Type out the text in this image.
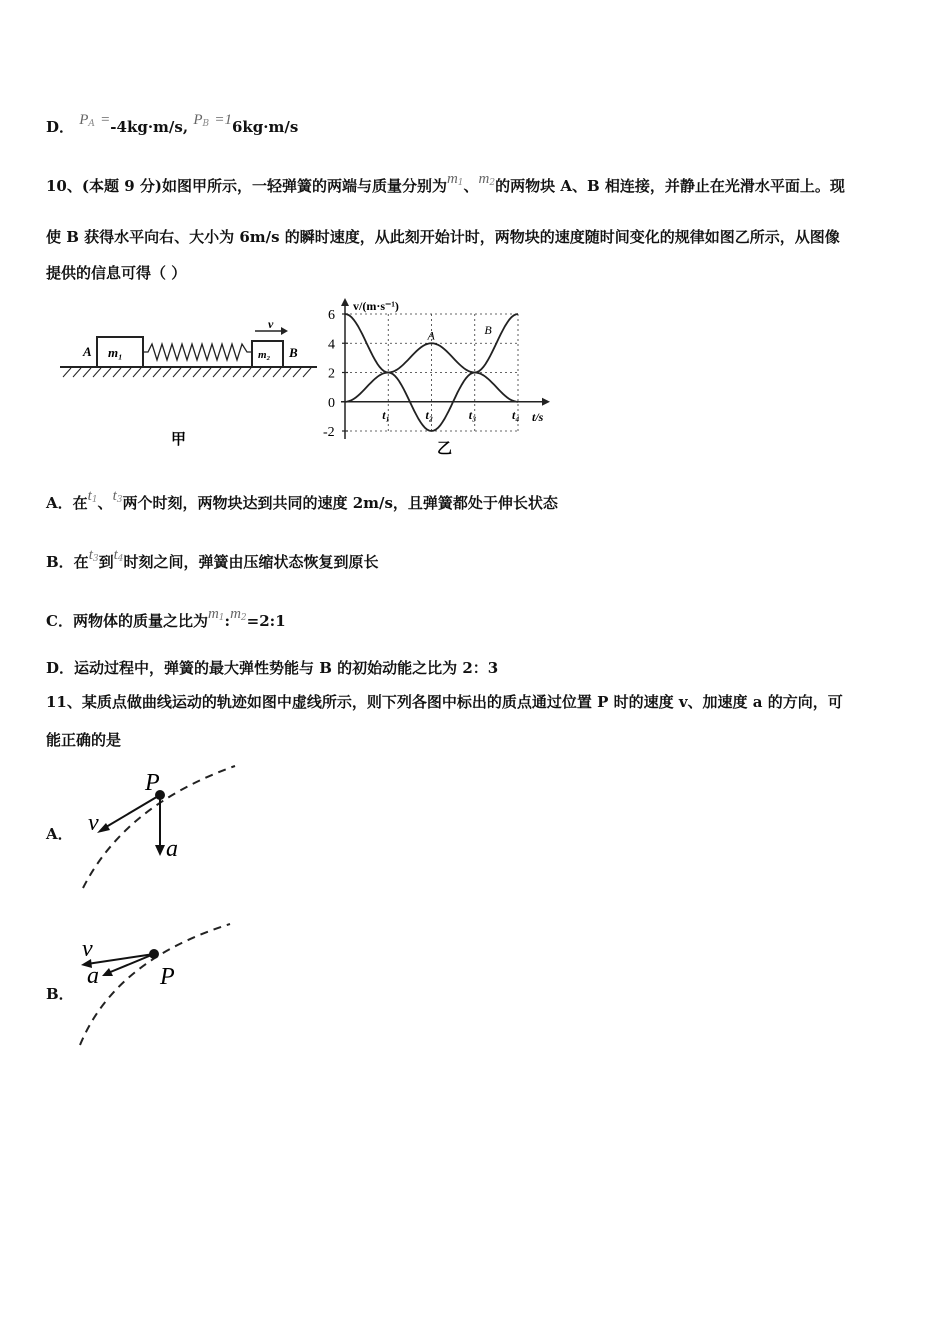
D． $P_A =-4kg\cdot m/s$, $P_B =16kg\cdot m/s$
10、(本题 9 分)如图甲所示，一轻弹簧的两端与质量分别为$m_1$、$m_2$的两物块 A、B 相连接，并静止在光滑水平面上。现
使 B 获得水平向右、大小为 6m/s 的瞬时速度，从此刻开始计时，两物块的速度随时间变化的规律如图乙所示，从图像
提供的信息可得（ ）
m₁
A	m₂ B
v
甲
v/(m·s⁻¹)
t/s
6
4
2
0
-2
t₁	t₂	t₃	t₄
A	B
乙
A．在$t_1$、$t_3$两个时刻，两物块达到共同的速度 2m/s，且弹簧都处于伸长状态
B．在$t_3$到$t_4$时刻之间，弹簧由压缩状态恢复到原长
C．两物体的质量之比为$m_1:m_2=2:1$
D．运动过程中，弹簧的最大弹性势能与 B 的初始动能之比为 2：3
11、某质点做曲线运动的轨迹如图中虚线所示，则下列各图中标出的质点通过位置 P 时的速度 v、加速度 a 的方向，可
能正确的是
A．
P
v
a
B．
v
a	P
